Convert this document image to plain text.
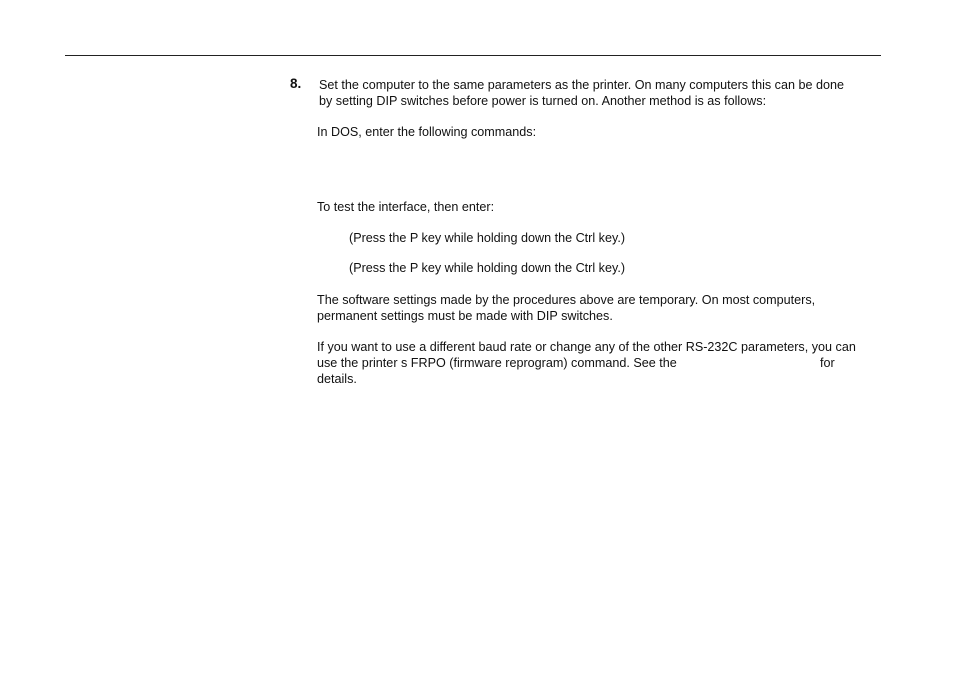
8. Set the computer to the same parameters as the printer. On many computers this can be done
by setting DIP switches before power is turned on. Another method is as follows:
In DOS, enter the following commands:
To test the interface, then enter:
(Press the P key while holding down the Ctrl key.)
(Press the P key while holding down the Ctrl key.)
The software settings made by the procedures above are temporary. On most computers,
permanent settings must be made with DIP switches.
If you want to use a different baud rate or change any of the other RS-232C parameters, you can
use the printer s FRPO (firmware reprogram) command. See the	for
details.
